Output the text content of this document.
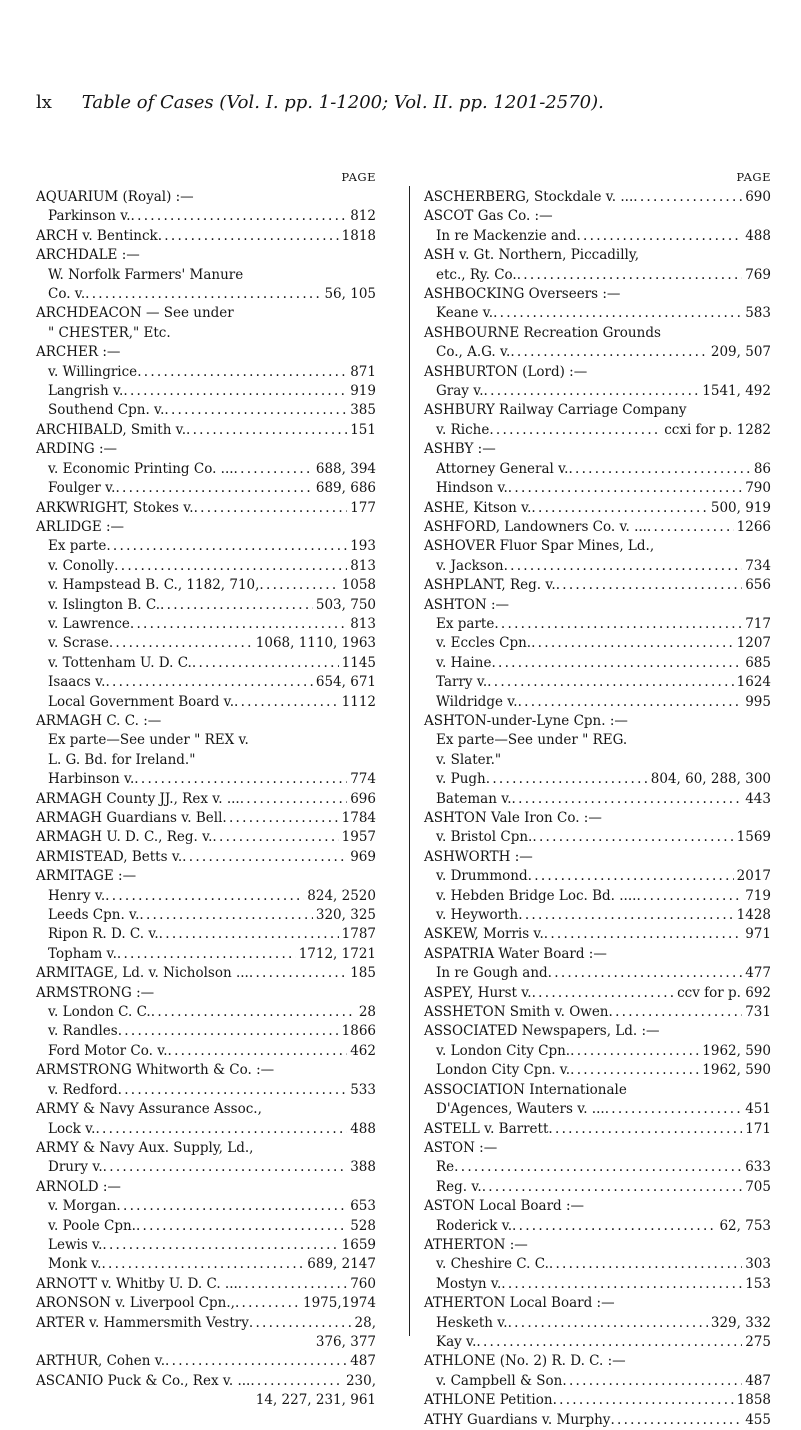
lx Table of Cases (Vol. I. pp. 1-1200; Vol. II. pp. 1201-2570).
PAGE
AQUARIUM (Royal) :—
Parkinson v. . . .	812
ARCH v. Bentinck . . .	1818
ARCHDALE :—
W. Norfolk Farmers' Manure
Co. v. . . .	56, 105
ARCHDEACON — See under
" CHESTER," Etc.
ARCHER :—
v. Willingrice . . .	871
Langrish v. . . .	919
Southend Cpn. v. . . .	385
ARCHIBALD, Smith v. . . .	151
ARDING :—
v. Economic Printing Co. ... . . .	688, 394
Foulger v. . . .	689, 686
ARKWRIGHT, Stokes v. . . .	177
ARLIDGE :—
Ex parte . . .	193
v. Conolly . . .	813
v. Hampstead B. C., 1182, 710, . . .	1058
v. Islington B. C. . . .	503, 750
v. Lawrence . . .	813
v. Scrase . . .	1068, 1110, 1963
v. Tottenham U. D. C. . . .	1145
Isaacs v. . . .	654, 671
Local Government Board v. . . .	1112
ARMAGH C. C. :—
Ex parte—See under " REX v.
L. G. Bd. for Ireland."
Harbinson v. . . .	774
ARMAGH County JJ., Rex v. ... . . .	696
ARMAGH Guardians v. Bell . . .	1784
ARMAGH U. D. C., Reg. v. . . .	1957
ARMISTEAD, Betts v. . . .	969
ARMITAGE :—
Henry v. . . .	824, 2520
Leeds Cpn. v. . . .	320, 325
Ripon R. D. C. v. . . .	1787
Topham v. . . .	1712, 1721
ARMITAGE, Ld. v. Nicholson ... . . .	185
ARMSTRONG :—
v. London C. C. . . .	28
v. Randles . . .	1866
Ford Motor Co. v. . . .	462
ARMSTRONG Whitworth & Co. :—
v. Redford . . .	533
ARMY & Navy Assurance Assoc.,
Lock v. . . .	488
ARMY & Navy Aux. Supply, Ld.,
Drury v. . . .	388
ARNOLD :—
v. Morgan . . .	653
v. Poole Cpn. . . .	528
Lewis v. . . .	1659
Monk v. . . .	689, 2147
ARNOTT v. Whitby U. D. C. ... . . .	760
ARONSON v. Liverpool Cpn., . . .	1975,1974
ARTER v. Hammersmith Vestry . . .	28,
376, 377
ARTHUR, Cohen v. . . .	487
ASCANIO Puck & Co., Rex v. ... . . .	230,
14, 227, 231, 961
PAGE
ASCHERBERG, Stockdale v. ... . . .	690
ASCOT Gas Co. :—
In re Mackenzie and . . .	488
ASH v. Gt. Northern, Piccadilly,
etc., Ry. Co. . . .	769
ASHBOCKING Overseers :—
Keane v. . . .	583
ASHBOURNE Recreation Grounds
Co., A.G. v. . . .	209, 507
ASHBURTON (Lord) :—
Gray v. . . .	1541, 492
ASHBURY Railway Carriage Company
v. Riche . . .	ccxi for p. 1282
ASHBY :—
Attorney General v. . . .	86
Hindson v. . . .	790
ASHE, Kitson v. . . .	500, 919
ASHFORD, Landowners Co. v. ... . . .	1266
ASHOVER Fluor Spar Mines, Ld.,
v. Jackson . . .	734
ASHPLANT, Reg. v. . . .	656
ASHTON :—
Ex parte . . .	717
v. Eccles Cpn. . . .	1207
v. Haine . . .	685
Tarry v. . . .	1624
Wildridge v. . . .	995
ASHTON-under-Lyne Cpn. :—
Ex parte—See under " REG.
v. Slater."
v. Pugh . . .	804, 60, 288, 300
Bateman v. . . .	443
ASHTON Vale Iron Co. :—
v. Bristol Cpn. . . .	1569
ASHWORTH :—
v. Drummond . . .	2017
v. Hebden Bridge Loc. Bd. .... . . .	719
v. Heyworth . . .	1428
ASKEW, Morris v. . . .	971
ASPATRIA Water Board :—
In re Gough and . . .	477
ASPEY, Hurst v. . . .	ccv for p. 692
ASSHETON Smith v. Owen . . .	731
ASSOCIATED Newspapers, Ld. :—
v. London City Cpn. . . .	1962, 590
London City Cpn. v. . . .	1962, 590
ASSOCIATION Internationale
D'Agences, Wauters v. ... . . .	451
ASTELL v. Barrett . . .	171
ASTON :—
Re . . .	633
Reg. v. . . .	705
ASTON Local Board :—
Roderick v. . . .	62, 753
ATHERTON :—
v. Cheshire C. C. . . .	303
Mostyn v. . . .	153
ATHERTON Local Board :—
Hesketh v. . . .	329, 332
Kay v. . . .	275
ATHLONE (No. 2) R. D. C. :—
v. Campbell & Son . . .	487
ATHLONE Petition . . .	1858
ATHY Guardians v. Murphy . . .	455
